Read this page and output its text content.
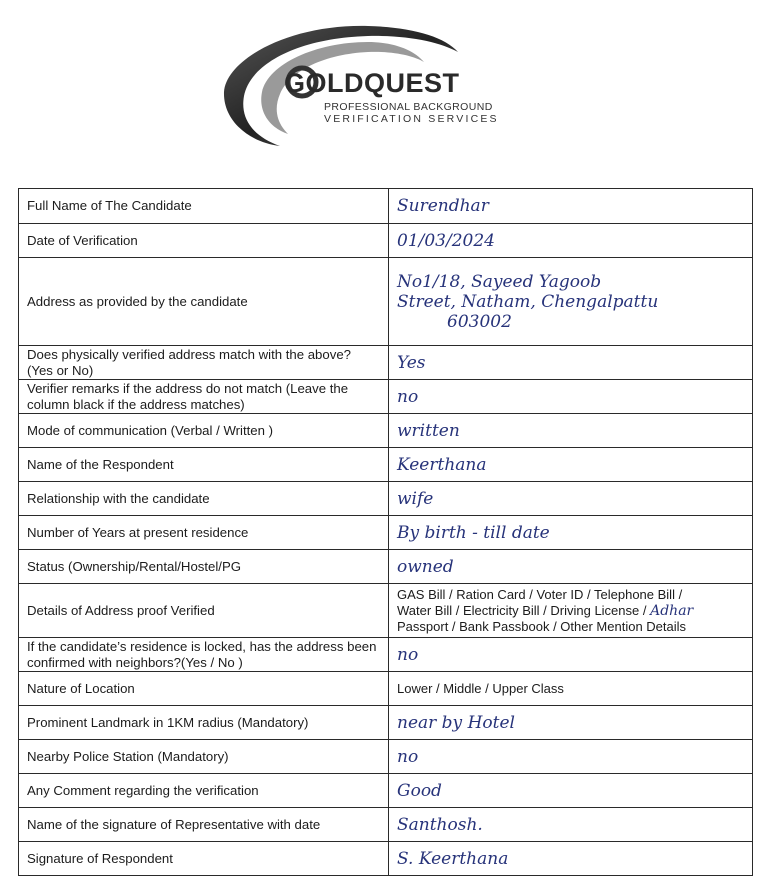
GOLDQUEST
PROFESSIONAL BACKGROUND
VERIFICATION SERVICES
Full Name of The Candidate	Surendhar
Date of Verification	01/03/2024
Address as provided by the candidate	No1/18, Sayeed Yagoob
Street, Natham, Chengalpattu
603002

Does physically verified address match with the above? (Yes or No)	Yes
Verifier remarks if the address do not match (Leave the column black if the address matches)	no
Mode of communication (Verbal / Written )	written
Name of the Respondent	Keerthana
Relationship with the candidate	wife
Number of Years at present residence	By birth - till date
Status (Ownership/Rental/Hostel/PG	owned
Details of Address proof Verified	GAS Bill / Ration Card / Voter ID / Telephone Bill /
Water Bill / Electricity Bill / Driving License / Adhar
Passport / Bank Passbook / Other Mention Details

If the candidate’s residence is locked, has the address been confirmed with neighbors?(Yes / No )	no
Nature of Location	Lower / Middle / Upper Class
Prominent Landmark in 1KM radius (Mandatory)	near by Hotel
Nearby Police Station (Mandatory)	no
Any Comment regarding the verification	Good
Name of the signature of Representative with date	Santhosh.
Signature of Respondent	S. Keerthana
